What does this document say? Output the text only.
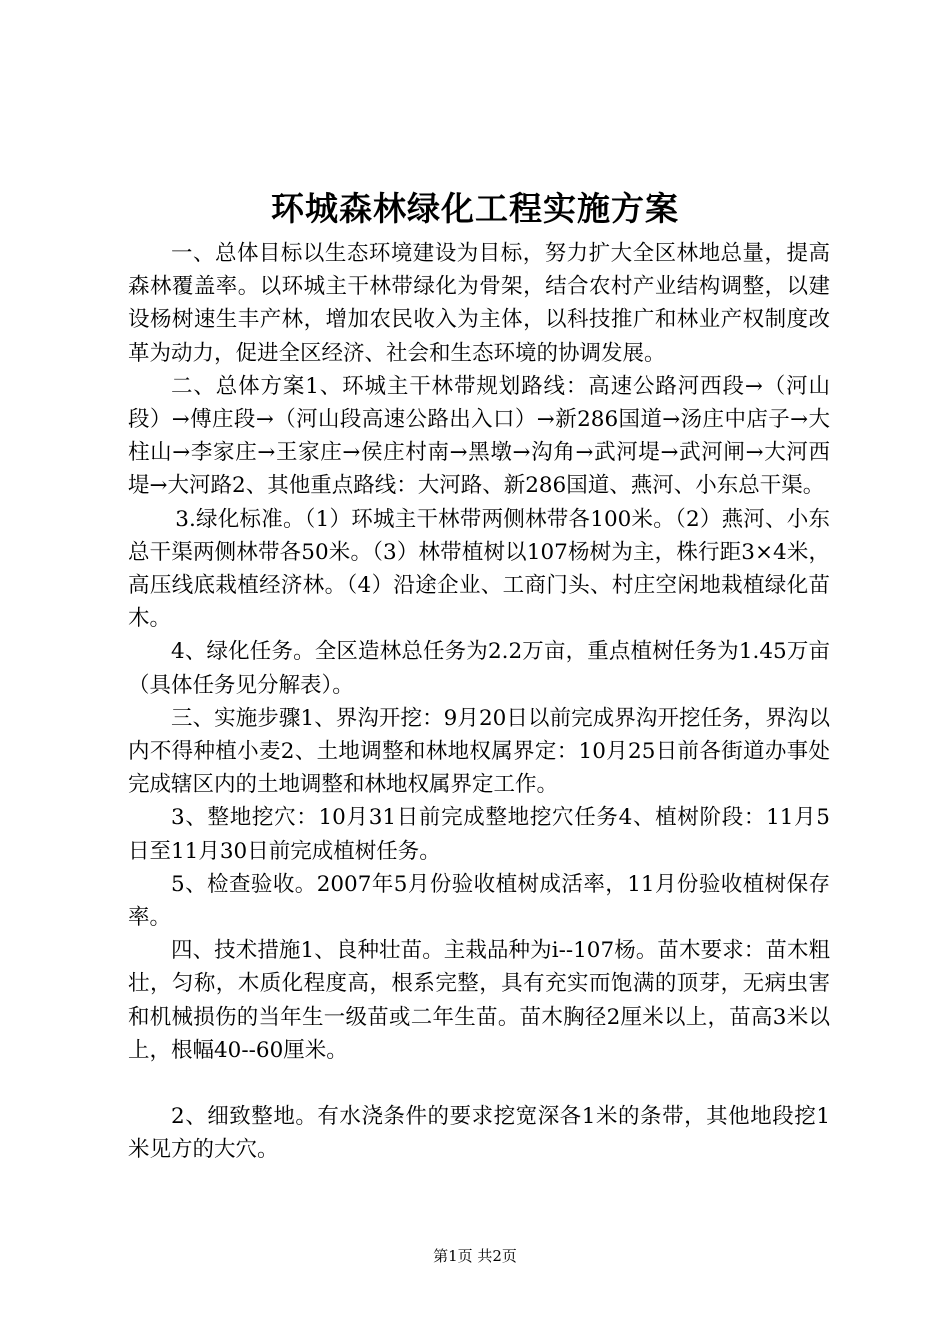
环城森林绿化工程实施方案

一、总体目标以生态环境建设为目标，努力扩大全区林地总量，提高森林覆盖率。以环城主干林带绿化为骨架，结合农村产业结构调整，以建设杨树速生丰产林，增加农民收入为主体，以科技推广和林业产权制度改革为动力，促进全区经济、社会和生态环境的协调发展。

二、总体方案1、环城主干林带规划路线：高速公路河西段→（河山段）→傅庄段→（河山段高速公路出入口）→新286国道→汤庄中店子→大柱山→李家庄→王家庄→侯庄村南→黑墩→沟角→武河堤→武河闸→大河西堤→大河路2、其他重点路线：大河路、新286国道、燕河、小东总干渠。

3.绿化标准。（1）环城主干林带两侧林带各100米。（2）燕河、小东总干渠两侧林带各50米。（3）林带植树以107杨树为主，株行距3×4米，高压线底栽植经济林。（4）沿途企业、工商门头、村庄空闲地栽植绿化苗木。

4、绿化任务。全区造林总任务为2.2万亩，重点植树任务为1.45万亩（具体任务见分解表）。

三、实施步骤1、界沟开挖：9月20日以前完成界沟开挖任务，界沟以内不得种植小麦2、土地调整和林地权属界定：10月25日前各街道办事处完成辖区内的土地调整和林地权属界定工作。

3、整地挖穴：10月31日前完成整地挖穴任务4、植树阶段：11月5日至11月30日前完成植树任务。

5、检查验收。2007年5月份验收植树成活率，11月份验收植树保存率。

四、技术措施1、良种壮苗。主栽品种为i--107杨。苗木要求：苗木粗壮，匀称，木质化程度高，根系完整，具有充实而饱满的顶芽，无病虫害和机械损伤的当年生一级苗或二年生苗。苗木胸径2厘米以上，苗高3米以上，根幅40--60厘米。

2、细致整地。有水浇条件的要求挖宽深各1米的条带，其他地段挖1米见方的大穴。

第1页 共2页
